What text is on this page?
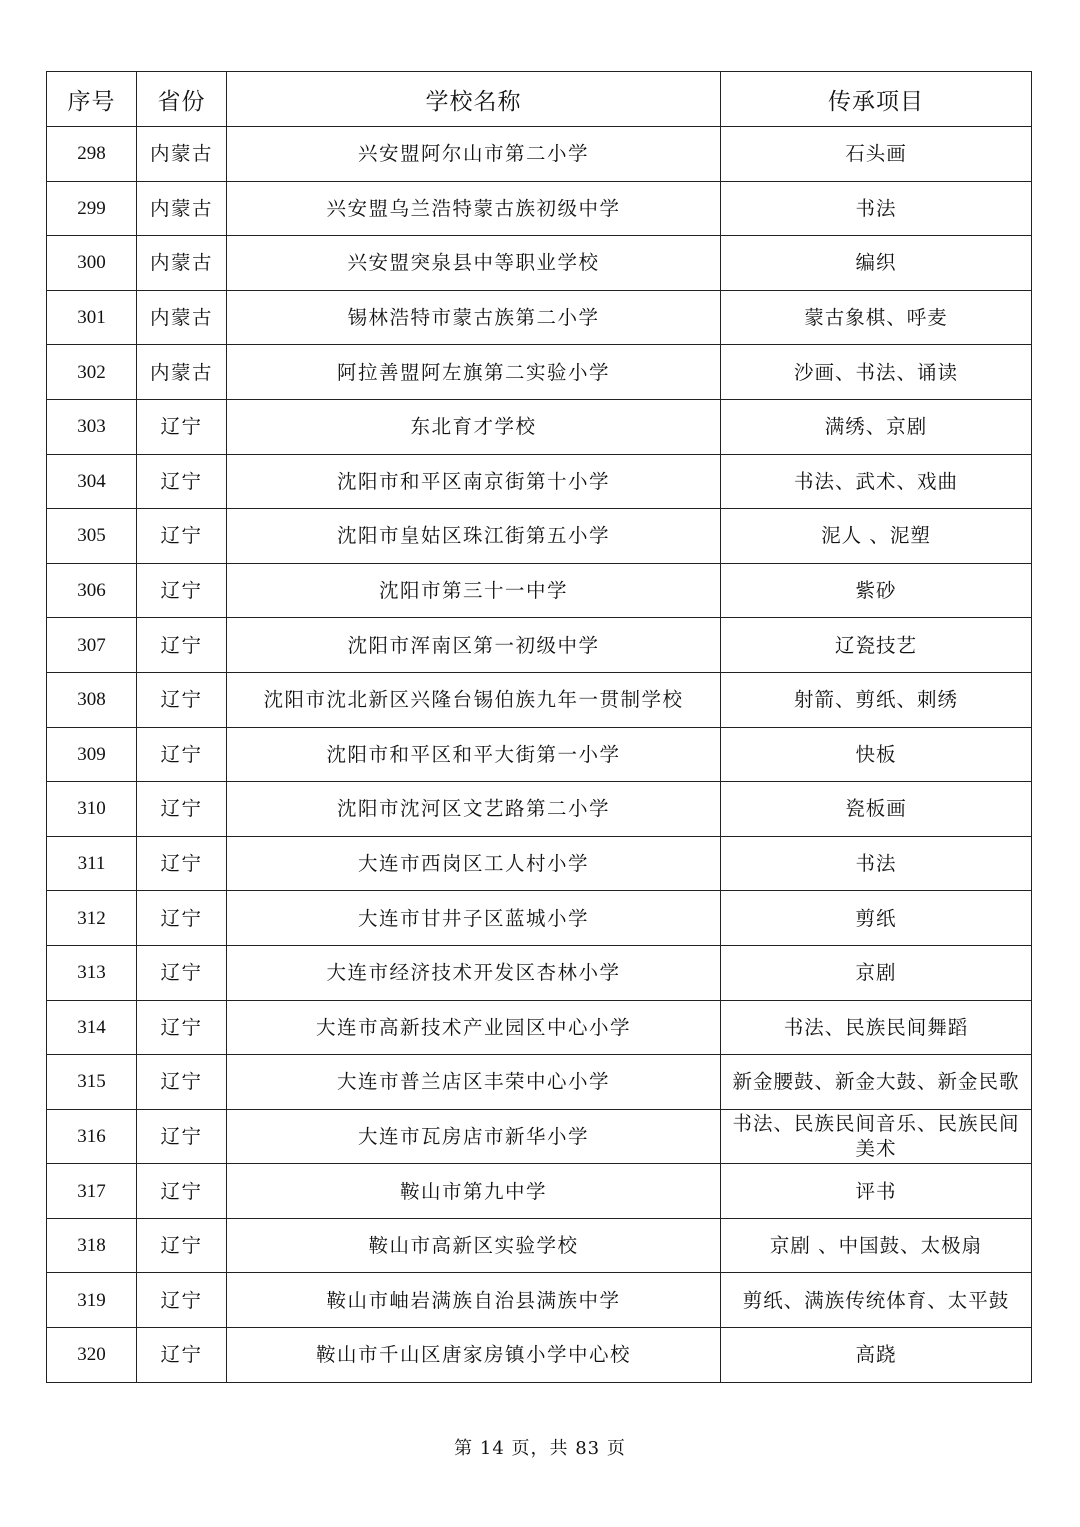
序号	省份	学校名称	传承项目
298	内蒙古	兴安盟阿尔山市第二小学	石头画
299	内蒙古	兴安盟乌兰浩特蒙古族初级中学	书法
300	内蒙古	兴安盟突泉县中等职业学校	编织
301	内蒙古	锡林浩特市蒙古族第二小学	蒙古象棋、呼麦
302	内蒙古	阿拉善盟阿左旗第二实验小学	沙画、书法、诵读
303	辽宁	东北育才学校	满绣、京剧
304	辽宁	沈阳市和平区南京街第十小学	书法、武术、戏曲
305	辽宁	沈阳市皇姑区珠江街第五小学	泥人 、泥塑
306	辽宁	沈阳市第三十一中学	紫砂
307	辽宁	沈阳市浑南区第一初级中学	辽瓷技艺
308	辽宁	沈阳市沈北新区兴隆台锡伯族九年一贯制学校	射箭、剪纸、刺绣
309	辽宁	沈阳市和平区和平大街第一小学	快板
310	辽宁	沈阳市沈河区文艺路第二小学	瓷板画
311	辽宁	大连市西岗区工人村小学	书法
312	辽宁	大连市甘井子区蓝城小学	剪纸
313	辽宁	大连市经济技术开发区杏林小学	京剧
314	辽宁	大连市高新技术产业园区中心小学	书法、民族民间舞蹈
315	辽宁	大连市普兰店区丰荣中心小学	新金腰鼓、新金大鼓、新金民歌
316	辽宁	大连市瓦房店市新华小学	书法、民族民间音乐、民族民间美术
317	辽宁	鞍山市第九中学	评书
318	辽宁	鞍山市高新区实验学校	京剧 、中国鼓、太极扇
319	辽宁	鞍山市岫岩满族自治县满族中学	剪纸、满族传统体育、太平鼓
320	辽宁	鞍山市千山区唐家房镇小学中心校	高跷
第 14 页，共 83 页
